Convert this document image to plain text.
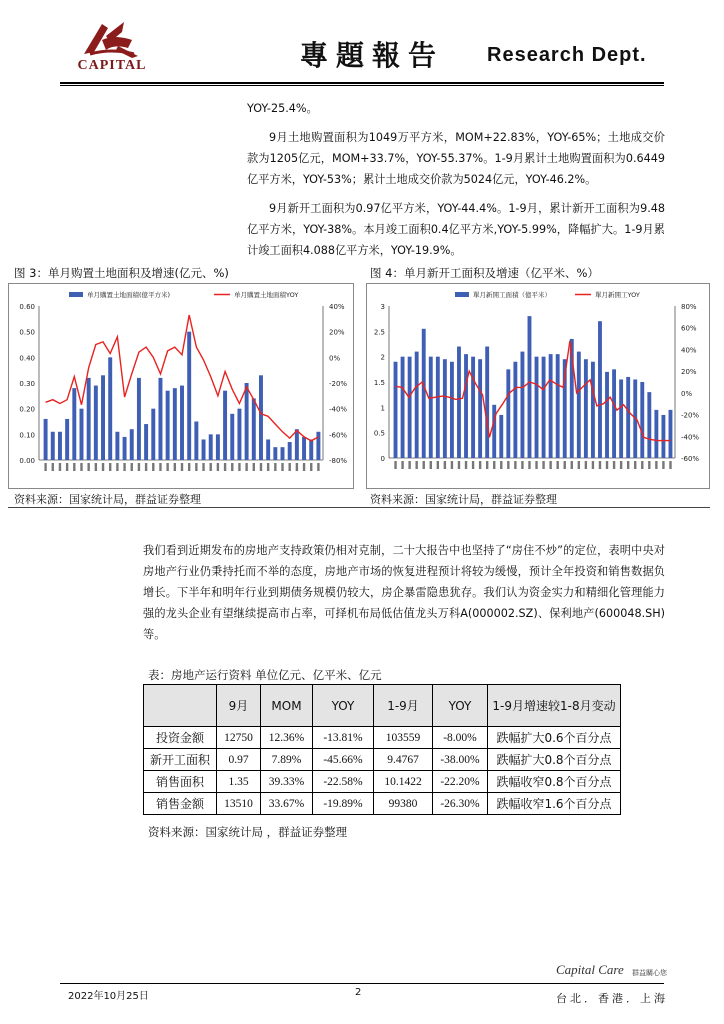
CAPITAL	專題報告 Research Dept.
YOY-25.4%。
9月土地购置面积为1049万平方米，MOM+22.83%，YOY-65%；土地成交价款为1205亿元，MOM+33.7%，YOY-55.37%。1-9月累计土地购置面积为0.6449亿平方米，YOY-53%；累计土地成交价款为5024亿元，YOY-46.2%。
9月新开工面积为0.97亿平方米，YOY-44.4%。1-9月，累计新开工面积为9.48亿平方米，YOY-38%。本月竣工面积0.4亿平方米,YOY-5.99%，降幅扩大。1-9月累计竣工面积4.088亿平方米，YOY-19.9%。
图 3：单月购置土地面积及增速(亿元、%)	图 4：单月新开工面积及增速（亿平米、%）
0.00
0.10
0.20
0.30
0.40
0.50
0.60
-80%
-60%
-40%
-20%
0%
20%
40%
单月購置土地面積(億平方米)	单月購置土地面積YOY
资料来源：国家统计局，群益证券整理
0
0.5
1
1.5
2
2.5
3
-60%
-40%
-20%
0%
20%
40%
60%
80%
單月新開工面積（億平米）	單月新開工YOY
资料来源：国家统计局，群益证券整理
我们看到近期发布的房地产支持政策仍相对克制，二十大报告中也坚持了“房住不炒”的定位，表明中央对房地产行业仍秉持托而不举的态度，房地产市场的恢复进程预计将较为缓慢，预计全年投资和销售数据负增长。下半年和明年行业到期债务规模仍较大，房企暴雷隐患犹存。我们认为资金实力和精细化管理能力强的龙头企业有望继续提高市占率，可择机布局低估值龙头万科A(000002.SZ)、保利地产(600048.SH)等。
表：房地产运行资料 单位亿元、亿平米、亿元
	9月	MOM	YOY	1-9月	YOY	1-9月增速较1-8月变动
投资金额	12750	12.36%	-13.81%	103559	-8.00%	跌幅扩大0.6个百分点
新开工面积	0.97	7.89%	-45.66%	9.4767	-38.00%	跌幅扩大0.8个百分点
销售面积	1.35	39.33%	-22.58%	10.1422	-22.20%	跌幅收窄0.8个百分点
销售金额	13510	33.67%	-19.89%	99380	-26.30%	跌幅收窄1.6个百分点
资料来源：国家统计局 ，群益证券整理
Capital Care 群益關心您
2022年10月25日	2	台北．香港．上海
